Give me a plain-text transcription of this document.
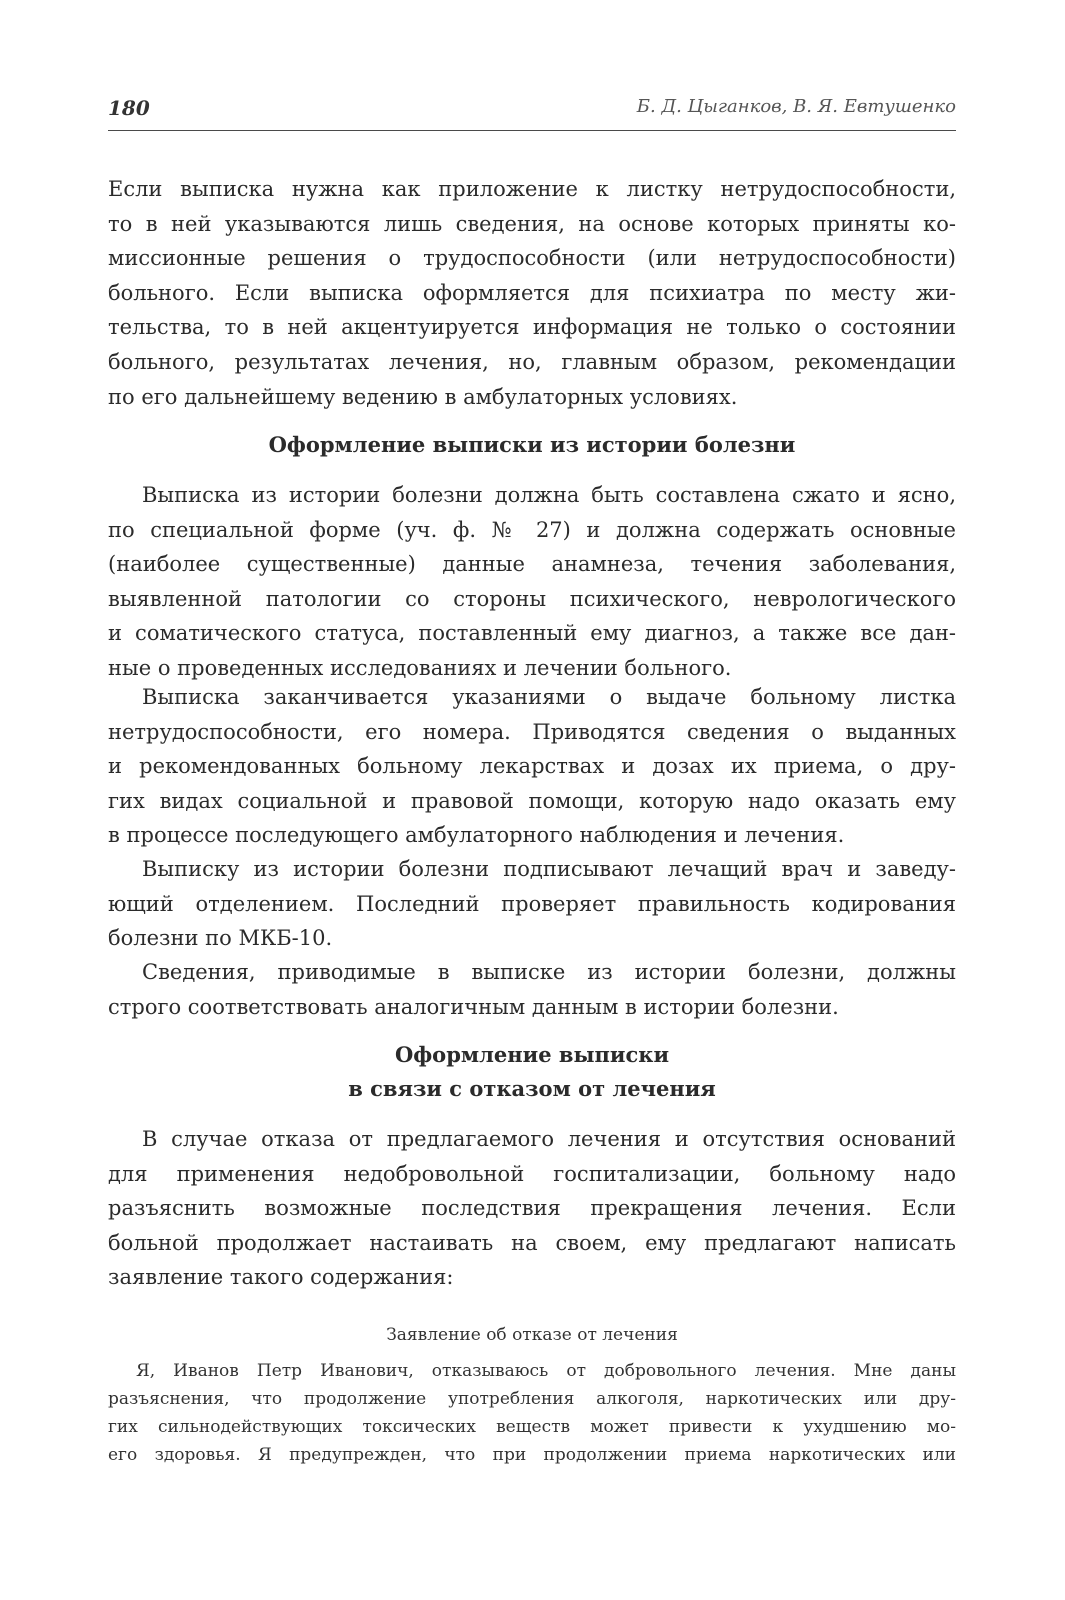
180	Б. Д. Цыганков, В. Я. Евтушенко
Если выписка нужна как приложение к листку нетрудоспособности,
то в ней указываются лишь сведения, на основе которых приняты ко-
миссионные решения о трудоспособности (или нетрудоспособности)
больного. Если выписка оформляется для психиатра по месту жи-
тельства, то в ней акцентуируется информация не только о состоянии
больного, результатах лечения, но, главным образом, рекомендации
по его дальнейшему ведению в амбулаторных условиях.
Оформление выписки из истории болезни
Выписка из истории болезни должна быть составлена сжато и ясно,
по специальной форме (уч. ф. № 27) и должна содержать основные
(наиболее существенные) данные анамнеза, течения заболевания,
выявленной патологии со стороны психического, неврологического
и соматического статуса, поставленный ему диагноз, а также все дан-
ные о проведенных исследованиях и лечении больного.
Выписка заканчивается указаниями о выдаче больному листка
нетрудоспособности, его номера. Приводятся сведения о выданных
и рекомендованных больному лекарствах и дозах их приема, о дру-
гих видах социальной и правовой помощи, которую надо оказать ему
в процессе последующего амбулаторного наблюдения и лечения.
Выписку из истории болезни подписывают лечащий врач и заведу-
ющий отделением. Последний проверяет правильность кодирования
болезни по МКБ-10.
Сведения, приводимые в выписке из истории болезни, должны
строго соответствовать аналогичным данным в истории болезни.
Оформление выписки
в связи с отказом от лечения
В случае отказа от предлагаемого лечения и отсутствия оснований
для применения недобровольной госпитализации, больному надо
разъяснить возможные последствия прекращения лечения. Если
больной продолжает настаивать на своем, ему предлагают написать
заявление такого содержания:
Заявление об отказе от лечения
Я, Иванов Петр Иванович, отказываюсь от добровольного лечения. Мне даны
разъяснения, что продолжение употребления алкоголя, наркотических или дру-
гих сильнодействующих токсических веществ может привести к ухудшению мо-
его здоровья. Я предупрежден, что при продолжении приема наркотических или
